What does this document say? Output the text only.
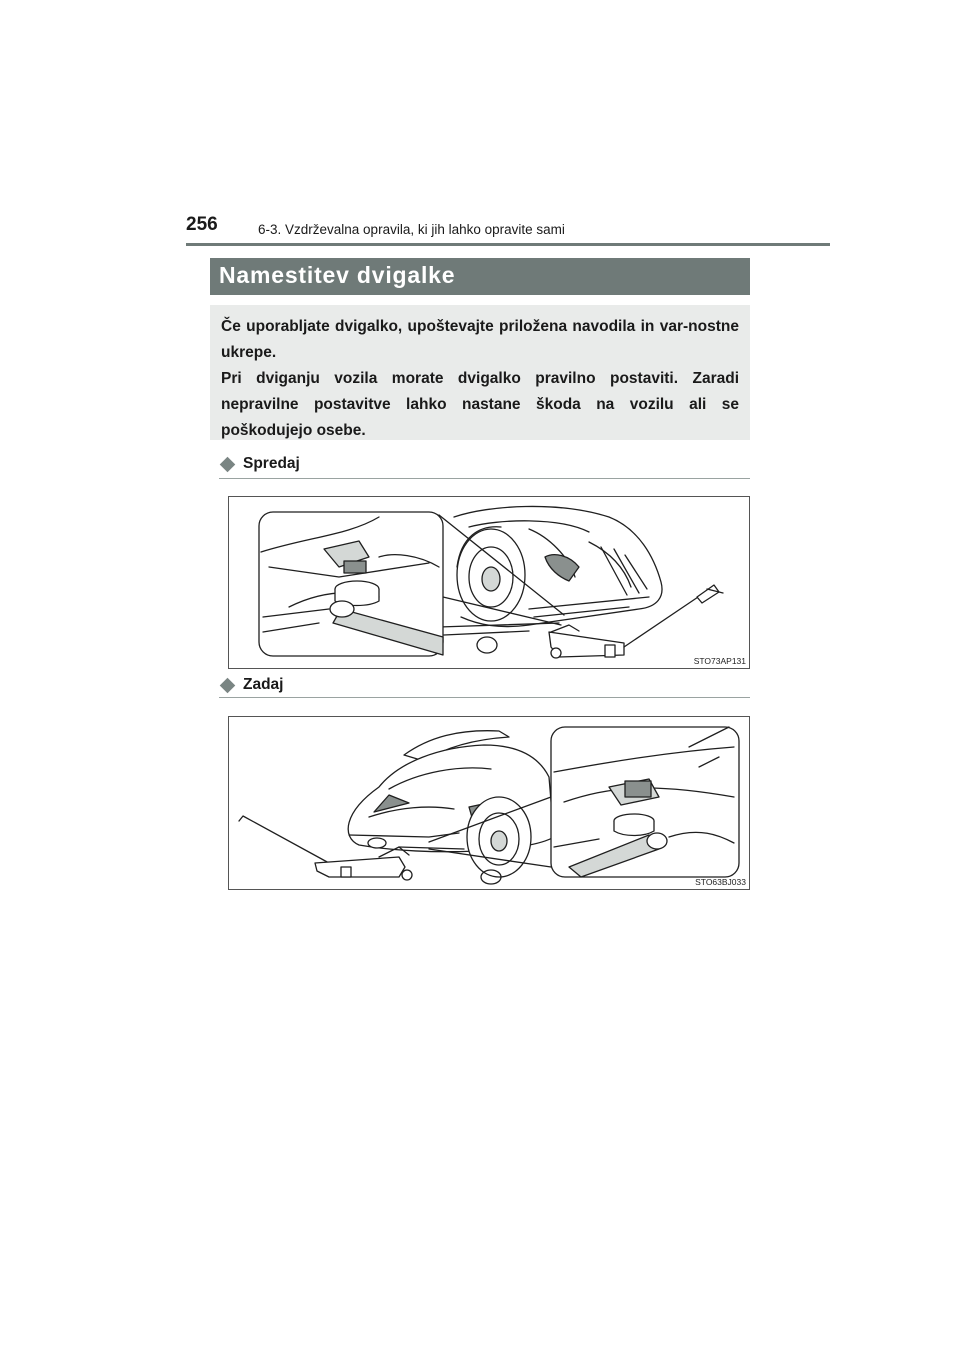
256	6-3. Vzdrževalna opravila, ki jih lahko opravite sami
Namestitev dvigalke

Če uporabljate dvigalko, upoštevajte priložena navodila in var-nostne ukrepe.

Pri dviganju vozila morate dvigalko pravilno postaviti. Zaradi nepravilne postavitve lahko nastane škoda na vozilu ali se poškodujejo osebe.

Spredaj
STO73AP131
Zadaj
STO63BJ033
